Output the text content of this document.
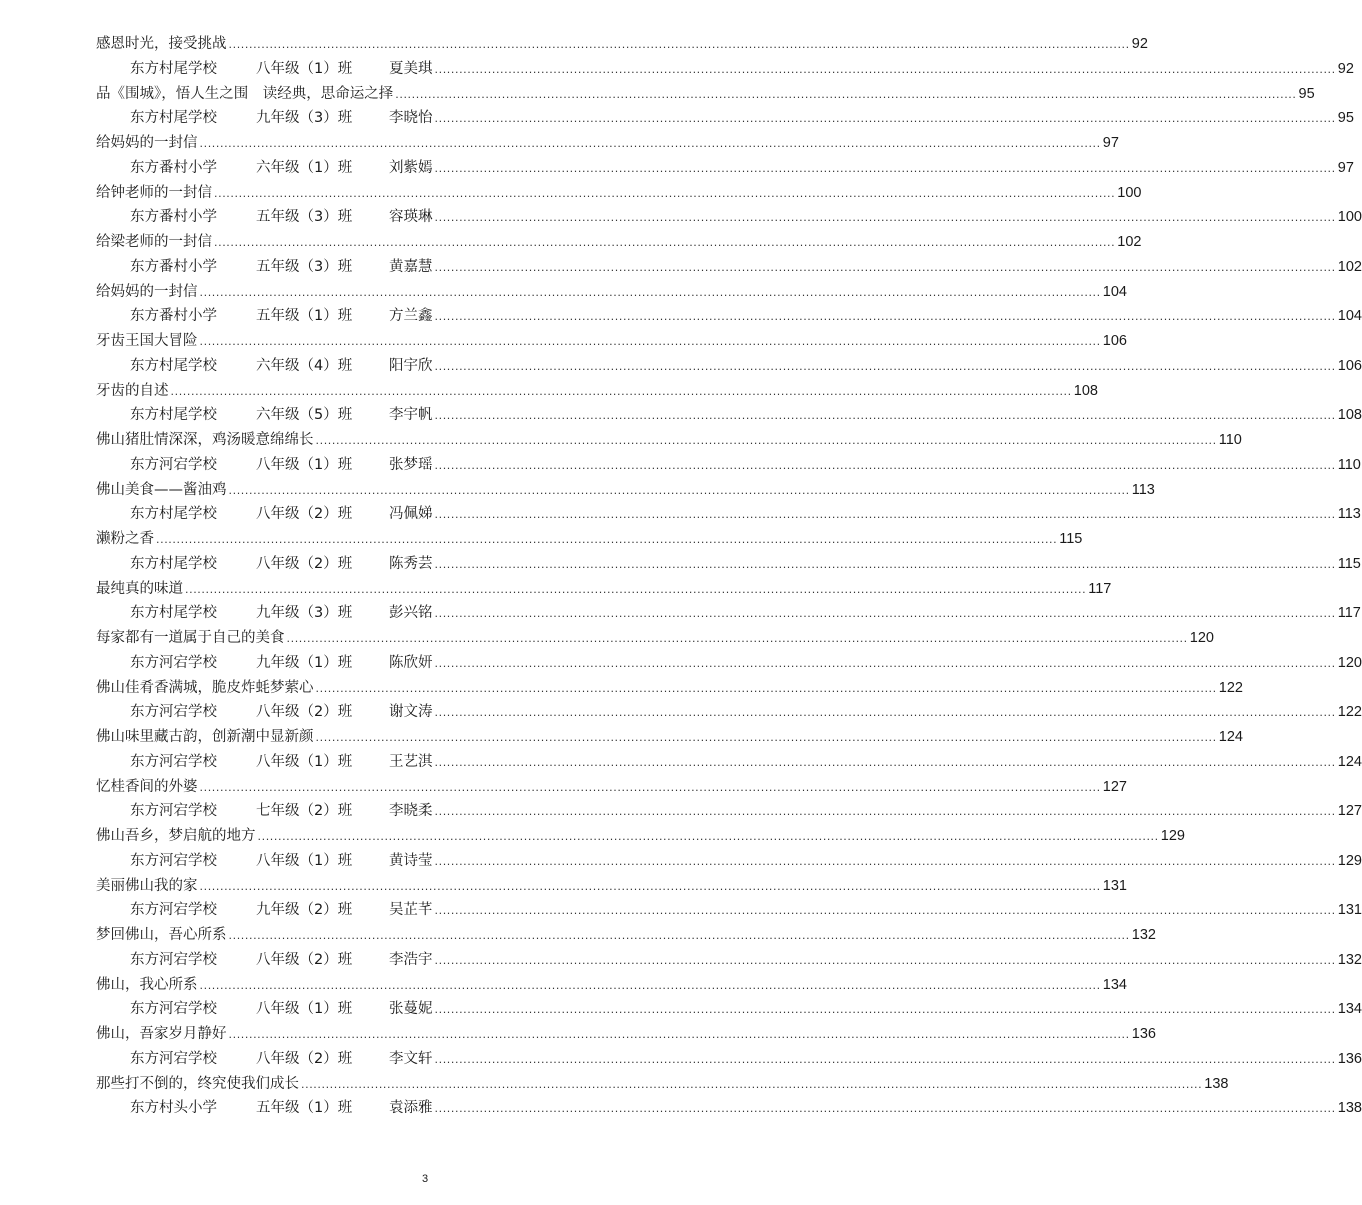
感恩时光，接受挑战 ............................................................................................................................................................................................................................ 92
东方村尾学校	八年级（1）班	夏美琪 ............................................................................................................................................................................................................................ 92
品《围城》，悟人生之围　读经典，思命运之择 ............................................................................................................................................................................................................................ 95
东方村尾学校	九年级（3）班	李晓怡 ............................................................................................................................................................................................................................ 95
给妈妈的一封信 ............................................................................................................................................................................................................................ 97
东方番村小学	六年级（1）班	刘紫嫣 ............................................................................................................................................................................................................................ 97
给钟老师的一封信 ............................................................................................................................................................................................................................ 100
东方番村小学	五年级（3）班	容瑛琳 ............................................................................................................................................................................................................................ 100
给梁老师的一封信 ............................................................................................................................................................................................................................ 102
东方番村小学	五年级（3）班	黄嘉慧 ............................................................................................................................................................................................................................ 102
给妈妈的一封信 ............................................................................................................................................................................................................................ 104
东方番村小学	五年级（1）班	方兰鑫 ............................................................................................................................................................................................................................ 104
牙齿王国大冒险 ............................................................................................................................................................................................................................ 106
东方村尾学校	六年级（4）班	阳宇欣 ............................................................................................................................................................................................................................ 106
牙齿的自述 ............................................................................................................................................................................................................................ 108
东方村尾学校	六年级（5）班	李宇帆 ............................................................................................................................................................................................................................ 108
佛山猪肚情深深，鸡汤暖意绵绵长 ............................................................................................................................................................................................................................ 110
东方河宕学校	八年级（1）班	张梦瑶 ............................................................................................................................................................................................................................ 110
佛山美食——酱油鸡 ............................................................................................................................................................................................................................ 113
东方村尾学校	八年级（2）班	冯佩娣 ............................................................................................................................................................................................................................ 113
濑粉之香 ............................................................................................................................................................................................................................ 115
东方村尾学校	八年级（2）班	陈秀芸 ............................................................................................................................................................................................................................ 115
最纯真的味道 ............................................................................................................................................................................................................................ 117
东方村尾学校	九年级（3）班	彭兴铭 ............................................................................................................................................................................................................................ 117
每家都有一道属于自己的美食 ............................................................................................................................................................................................................................ 120
东方河宕学校	九年级（1）班	陈欣妍 ............................................................................................................................................................................................................................ 120
佛山佳肴香满城，脆皮炸蚝梦萦心 ............................................................................................................................................................................................................................ 122
东方河宕学校	八年级（2）班	谢文涛 ............................................................................................................................................................................................................................ 122
佛山味里藏古韵，创新潮中显新颜 ............................................................................................................................................................................................................................ 124
东方河宕学校	八年级（1）班	王艺淇 ............................................................................................................................................................................................................................ 124
忆桂香间的外婆 ............................................................................................................................................................................................................................ 127
东方河宕学校	七年级（2）班	李晓柔 ............................................................................................................................................................................................................................ 127
佛山吾乡，梦启航的地方 ............................................................................................................................................................................................................................ 129
东方河宕学校	八年级（1）班	黄诗莹 ............................................................................................................................................................................................................................ 129
美丽佛山我的家 ............................................................................................................................................................................................................................ 131
东方河宕学校	九年级（2）班	吴芷芊 ............................................................................................................................................................................................................................ 131
梦回佛山，吾心所系 ............................................................................................................................................................................................................................ 132
东方河宕学校	八年级（2）班	李浩宇 ............................................................................................................................................................................................................................ 132
佛山，我心所系 ............................................................................................................................................................................................................................ 134
东方河宕学校	八年级（1）班	张蔓妮 ............................................................................................................................................................................................................................ 134
佛山，吾家岁月静好 ............................................................................................................................................................................................................................ 136
东方河宕学校	八年级（2）班	李文轩 ............................................................................................................................................................................................................................ 136
那些打不倒的，终究使我们成长 ............................................................................................................................................................................................................................ 138
东方村头小学	五年级（1）班	袁添雅 ............................................................................................................................................................................................................................ 138
3
